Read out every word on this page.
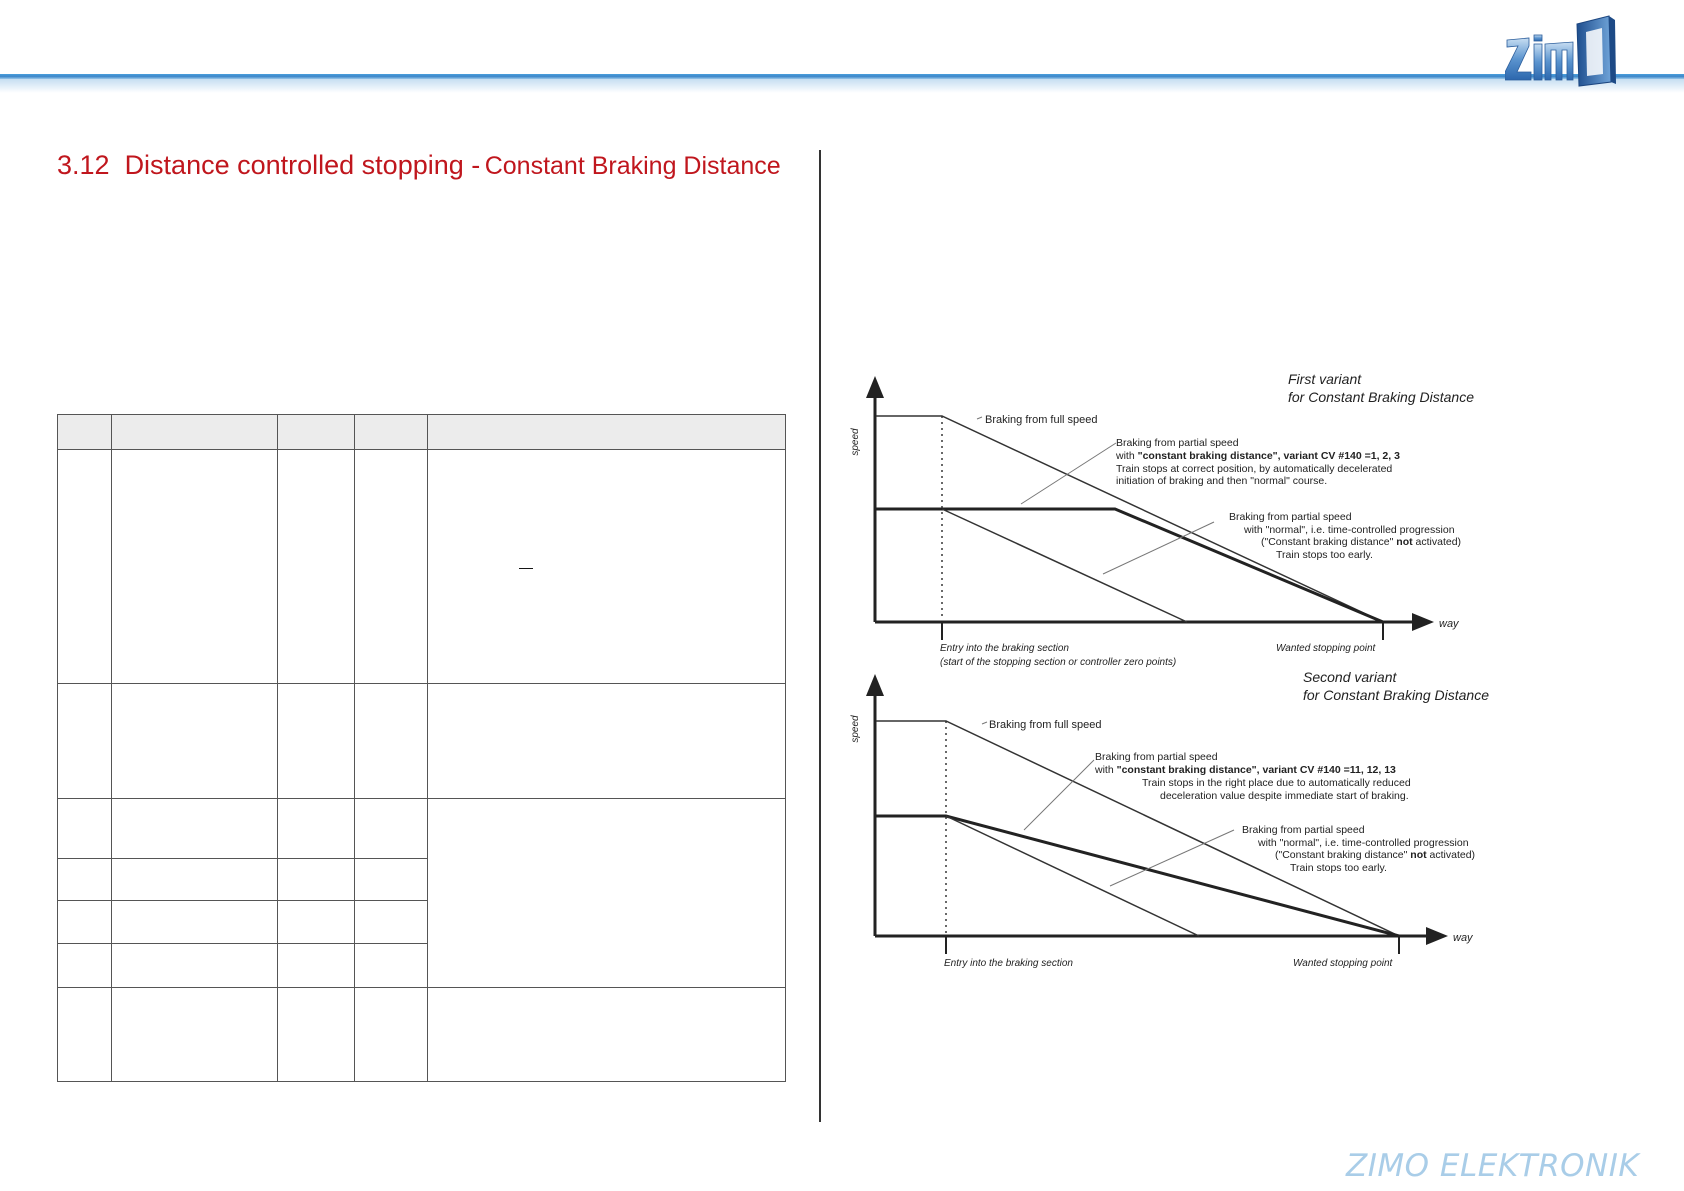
3.12 Distance controlled stopping - Constant Braking Distance

				—

speed
way
First variant
for Constant Braking Distance
Braking from full speed
Braking from partial speed
with "constant braking distance", variant CV #140 =1, 2, 3
Train stops at correct position, by automatically decelerated
initiation of braking and then "normal" course.
Braking from partial speed
with "normal", i.e. time-controlled progression
("Constant braking distance" not activated)
Train stops too early.
Entry into the braking section
(start of the stopping section or controller zero points)
Wanted stopping point
speed
way
Second variant
for Constant Braking Distance
Braking from full speed
Braking from partial speed
with "constant braking distance", variant CV #140 =11, 12, 13
Train stops in the right place due to automatically reduced
deceleration value despite immediate start of braking.
Braking from partial speed
with "normal", i.e. time-controlled progression
("Constant braking distance" not activated)
Train stops too early.
Entry into the braking section	Wanted stopping point
ZIMO ELEKTRONIK
